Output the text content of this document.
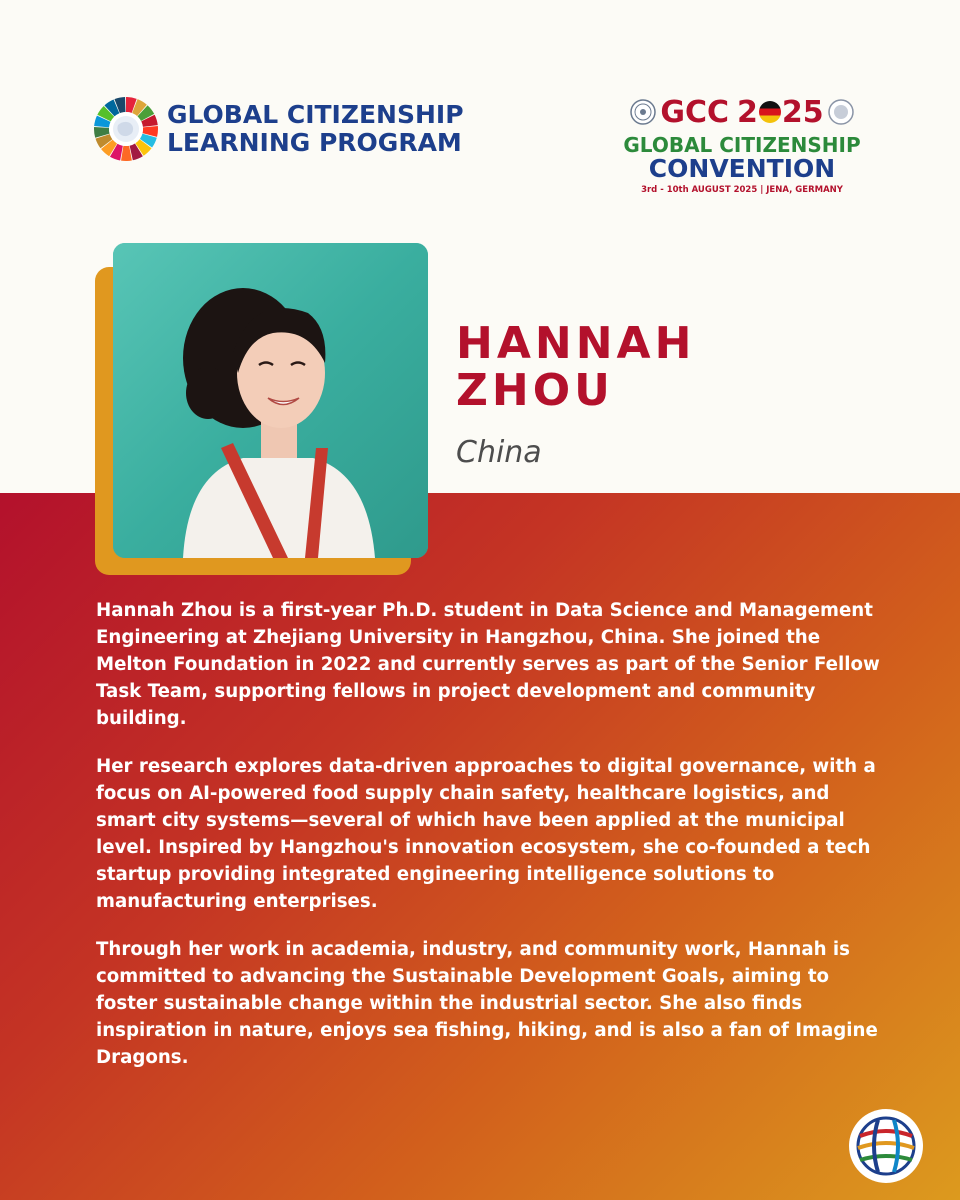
GLOBAL CITIZENSHIP
LEARNING PROGRAM
GCC 2 2 5
GLOBAL CITIZENSHIP
CONVENTION
3rd - 10th AUGUST 2025 | JENA, GERMANY
HANNAH
ZHOU
China

Hannah Zhou is a first-year Ph.D. student in Data Science and Management Engineering at Zhejiang University in Hangzhou, China. She joined the Melton Foundation in 2022 and currently serves as part of the Senior Fellow Task Team, supporting fellows in project development and community building.

Her research explores data-driven approaches to digital governance, with a focus on AI-powered food supply chain safety, healthcare logistics, and smart city systems—several of which have been applied at the municipal level. Inspired by Hangzhou's innovation ecosystem, she co-founded a tech startup providing integrated engineering intelligence solutions to manufacturing enterprises.

Through her work in academia, industry, and community work, Hannah is committed to advancing the Sustainable Development Goals, aiming to foster sustainable change within the industrial sector. She also finds inspiration in nature, enjoys sea fishing, hiking, and is also a fan of Imagine Dragons.
